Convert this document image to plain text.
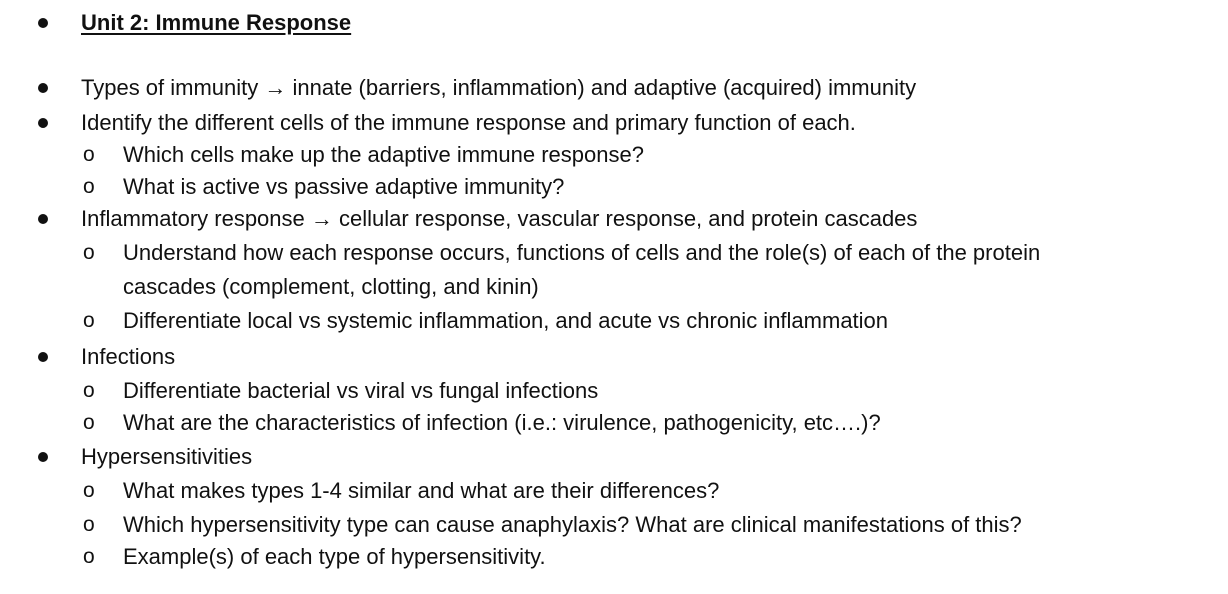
Unit 2: Immune Response
Types of immunity → innate (barriers, inflammation) and adaptive (acquired) immunity
Identify the different cells of the immune response and primary function of each.
o Which cells make up the adaptive immune response?
o What is active vs passive adaptive immunity?
Inflammatory response → cellular response, vascular response, and protein cascades
o Understand how each response occurs, functions of cells and the role(s) of each of the protein
cascades (complement, clotting, and kinin)
o Differentiate local vs systemic inflammation, and acute vs chronic inflammation
Infections
o Differentiate bacterial vs viral vs fungal infections
o What are the characteristics of infection (i.e.: virulence, pathogenicity, etc….)?
Hypersensitivities
o What makes types 1-4 similar and what are their differences?
o Which hypersensitivity type can cause anaphylaxis? What are clinical manifestations of this?
o Example(s) of each type of hypersensitivity.
